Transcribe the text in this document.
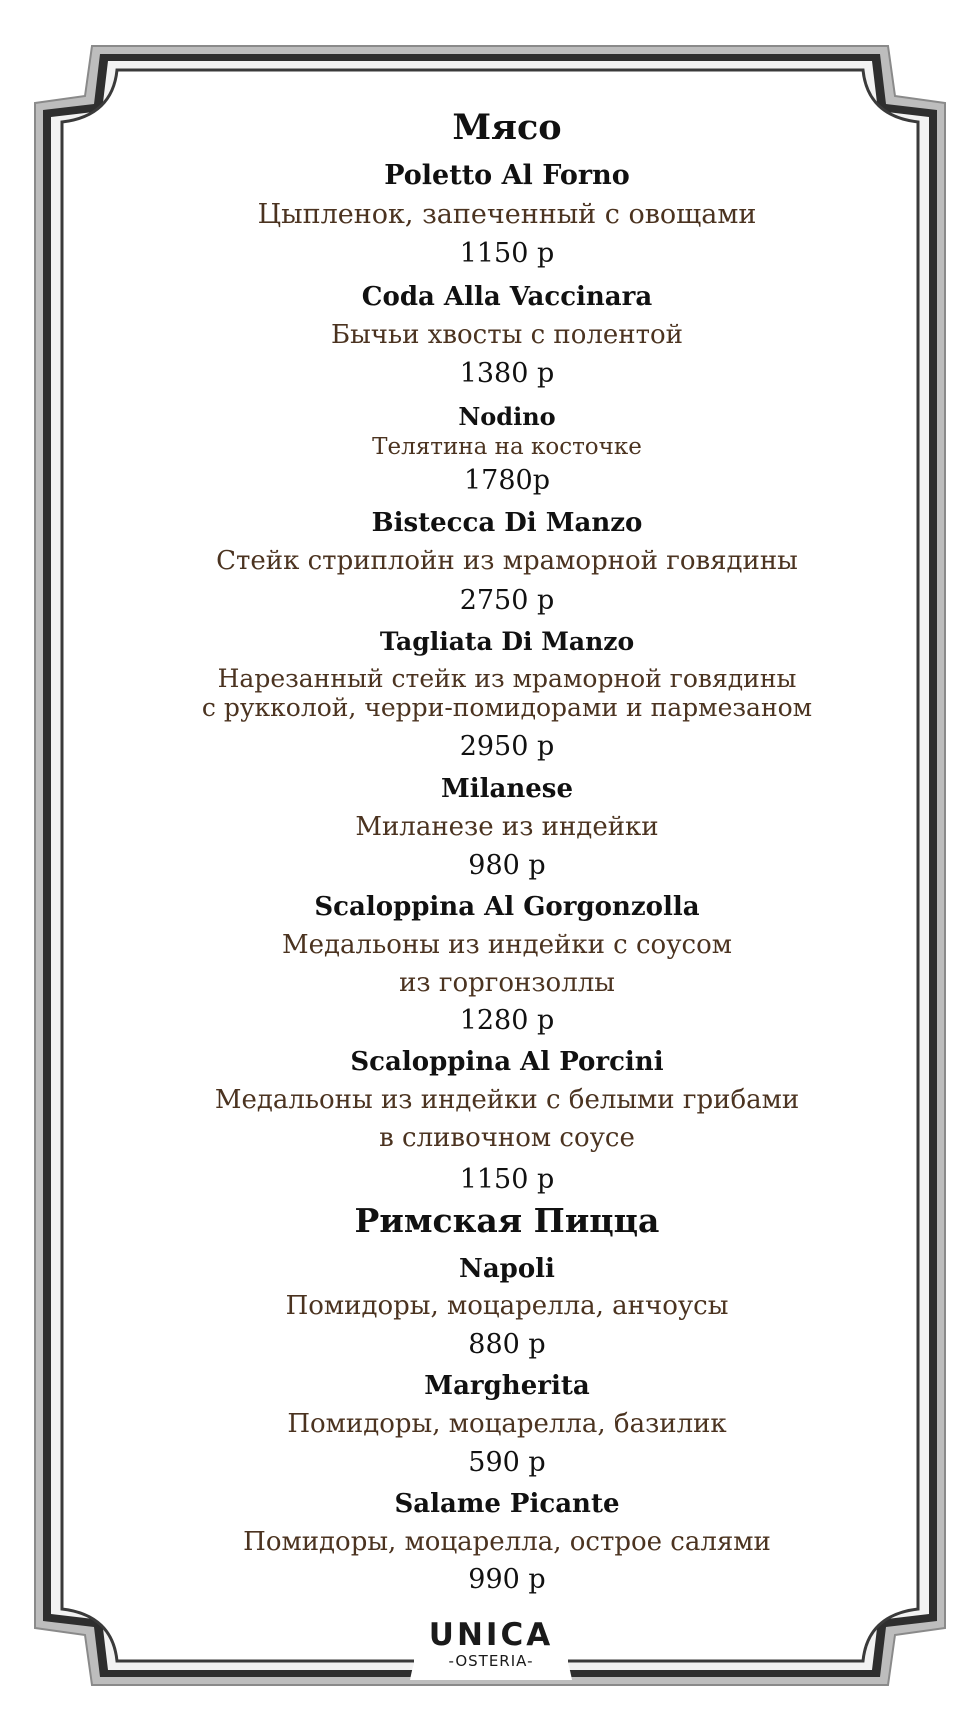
Мясо
Poletto Al Forno
Цыпленок, запеченный с овощами
1150 р
Coda Alla Vaccinara
Бычьи хвосты с полентой
1380 р
Nodino
Телятина на косточке
1780р
Bistecca Di Manzo
Стейк стриплойн из мраморной говядины
2750 р
Tagliata Di Manzo
Нарезанный стейк из мраморной говядины
с рукколой, черри-помидорами и пармезаном
2950 р
Milanese
Миланезе из индейки
980 р
Scaloppina Al Gorgonzolla
Медальоны из индейки с соусом
из горгонзоллы
1280 р
Scaloppina Al Porcini
Медальоны из индейки с белыми грибами
в сливочном соусе
1150 р
Римская Пицца
Napoli
Помидоры, моцарелла, анчоусы
880 р
Margherita
Помидоры, моцарелла, базилик
590 р
Salame Picante
Помидоры, моцарелла, острое салями
990 р
UNICA
-OSTERIA-
